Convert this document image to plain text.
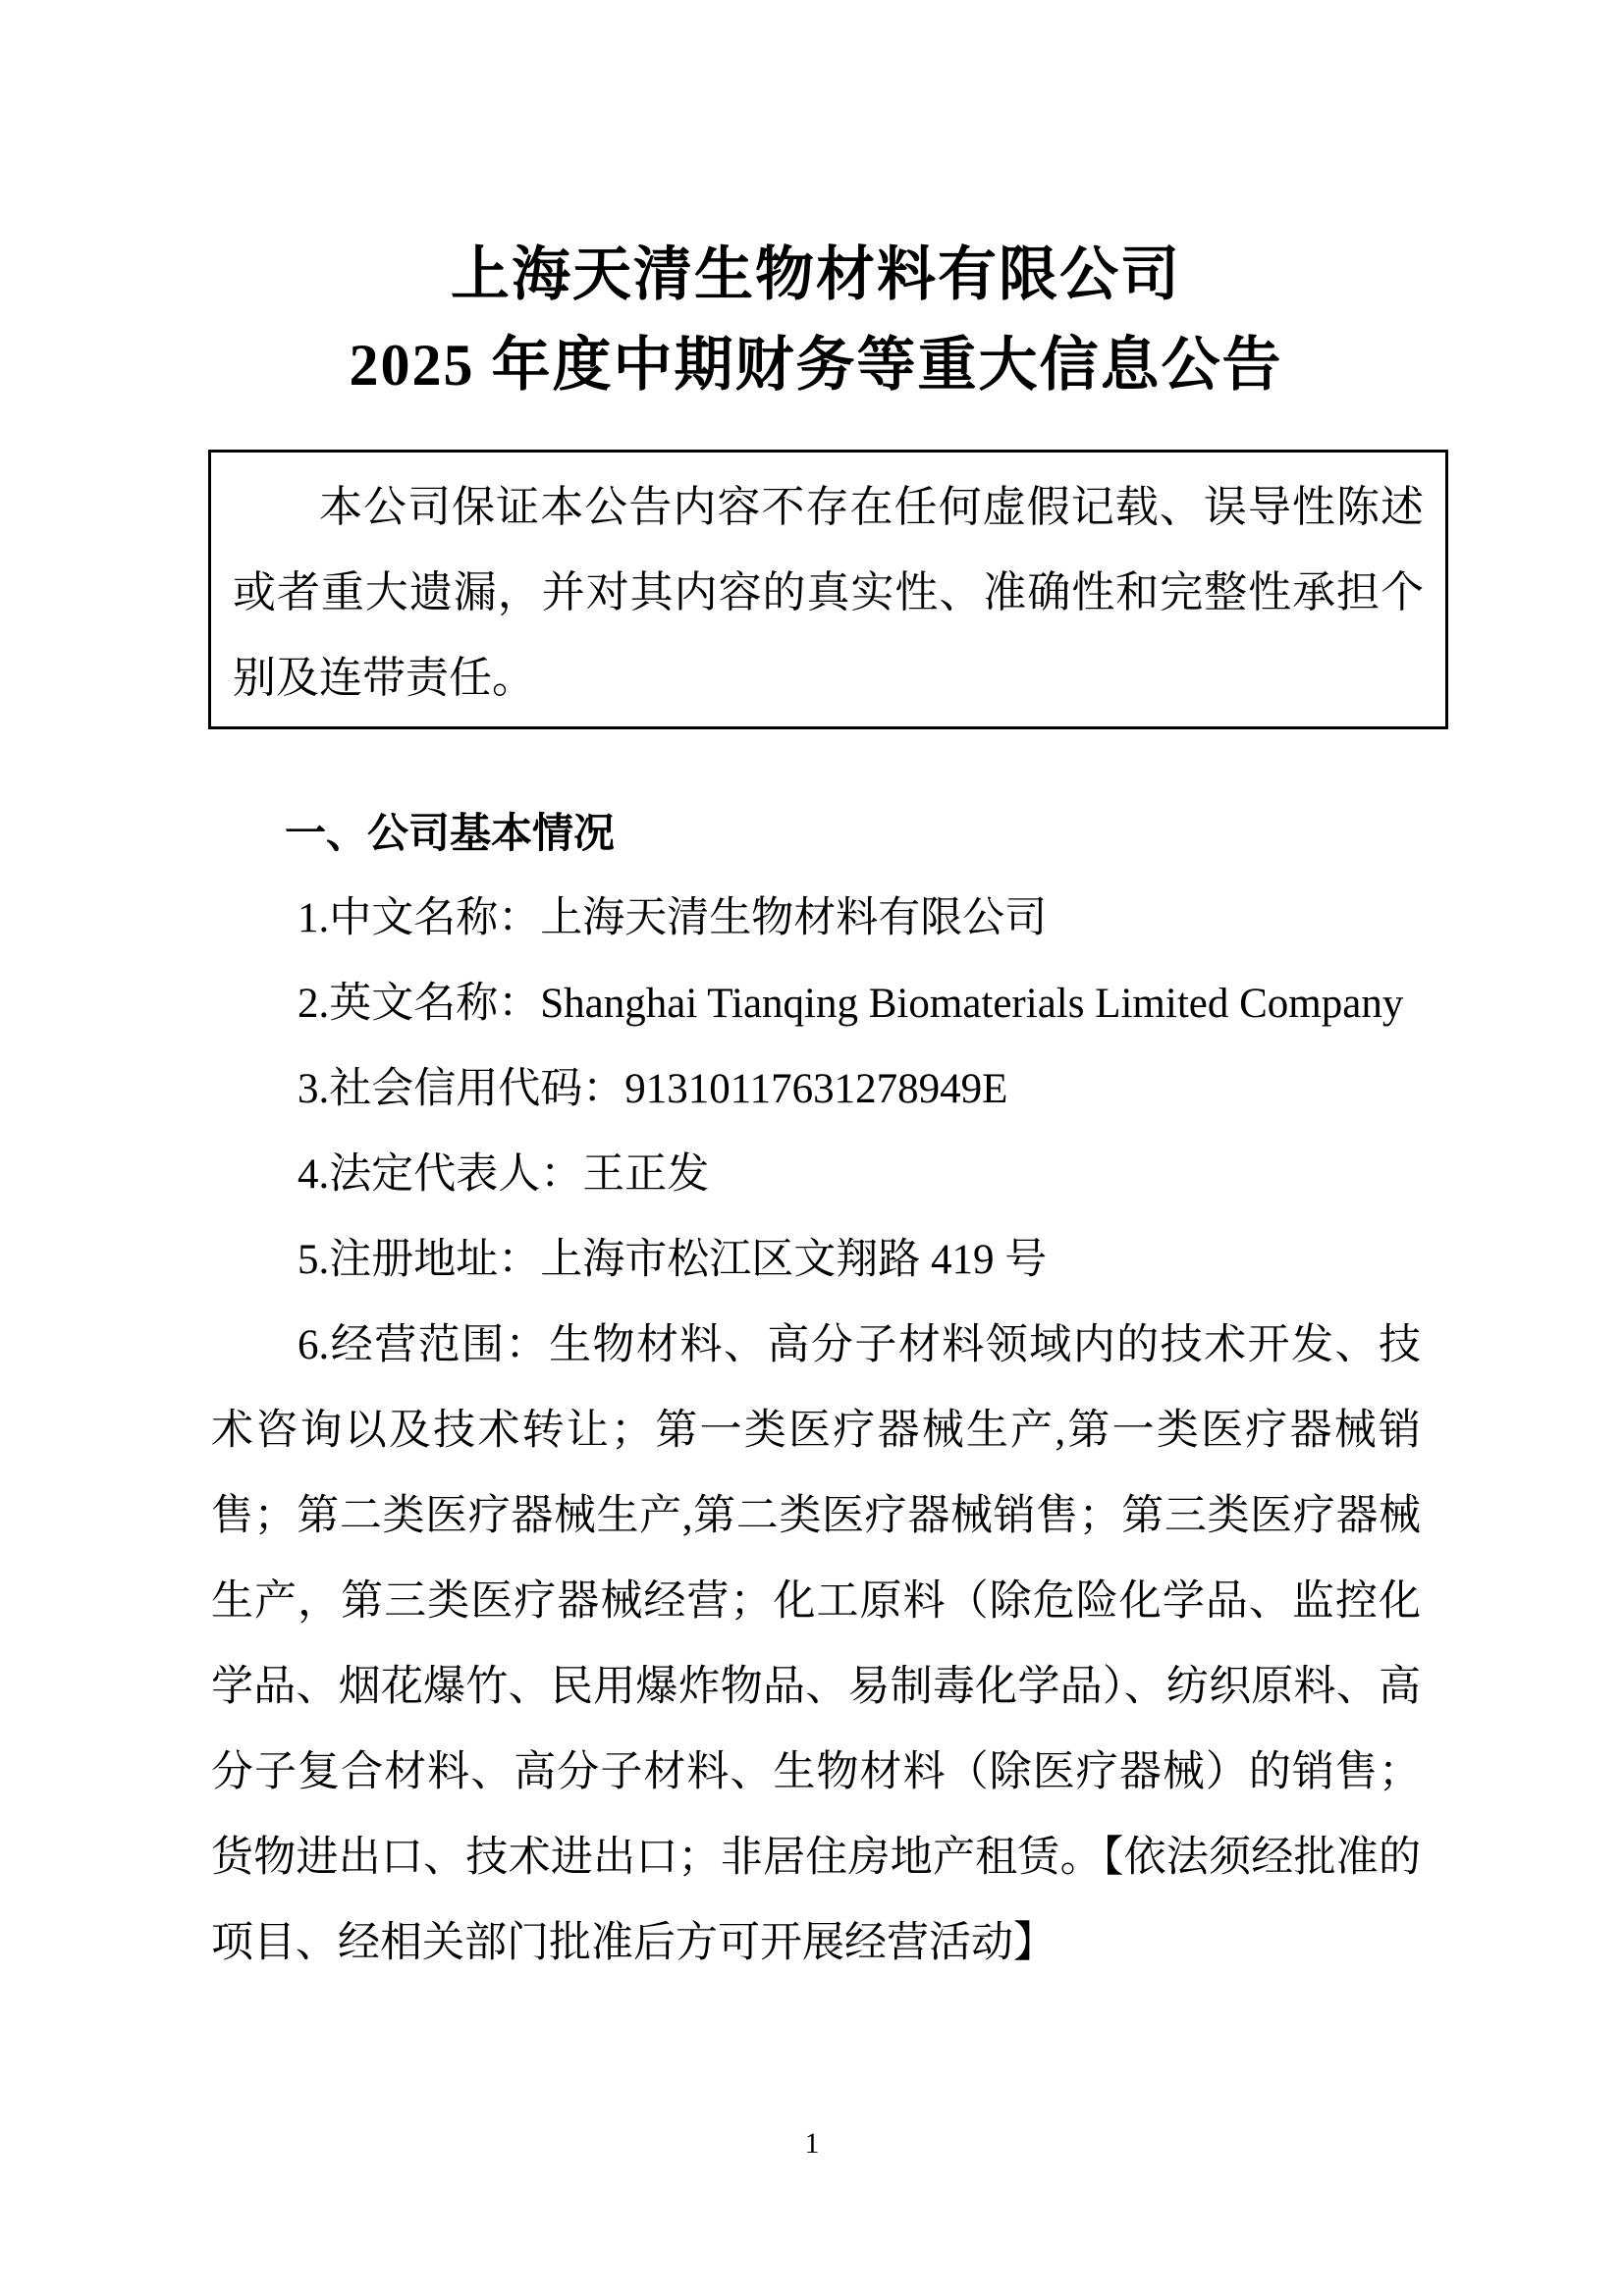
上海天清生物材料有限公司
2025 年度中期财务等重大信息公告

本公司保证本公告内容不存在任何虚假记载、误导性陈述或者重大遗漏，并对其内容的真实性、准确性和完整性承担个别及连带责任。

一、公司基本情况

1.中文名称：上海天清生物材料有限公司

2.英文名称：Shanghai Tianqing Biomaterials Limited Company

3.社会信用代码：91310117631278949E

4.法定代表人：王正发

5.注册地址：上海市松江区文翔路 419 号

6.经营范围：生物材料、高分子材料领域内的技术开发、技术咨询以及技术转让；第一类医疗器械生产,第一类医疗器械销售；第二类医疗器械生产,第二类医疗器械销售；第三类医疗器械生产，第三类医疗器械经营；化工原料（除危险化学品、监控化学品、烟花爆竹、民用爆炸物品、易制毒化学品）、纺织原料、高分子复合材料、高分子材料、生物材料（除医疗器械）的销售；货物进出口、技术进出口；非居住房地产租赁。【依法须经批准的项目、经相关部门批准后方可开展经营活动】

1
